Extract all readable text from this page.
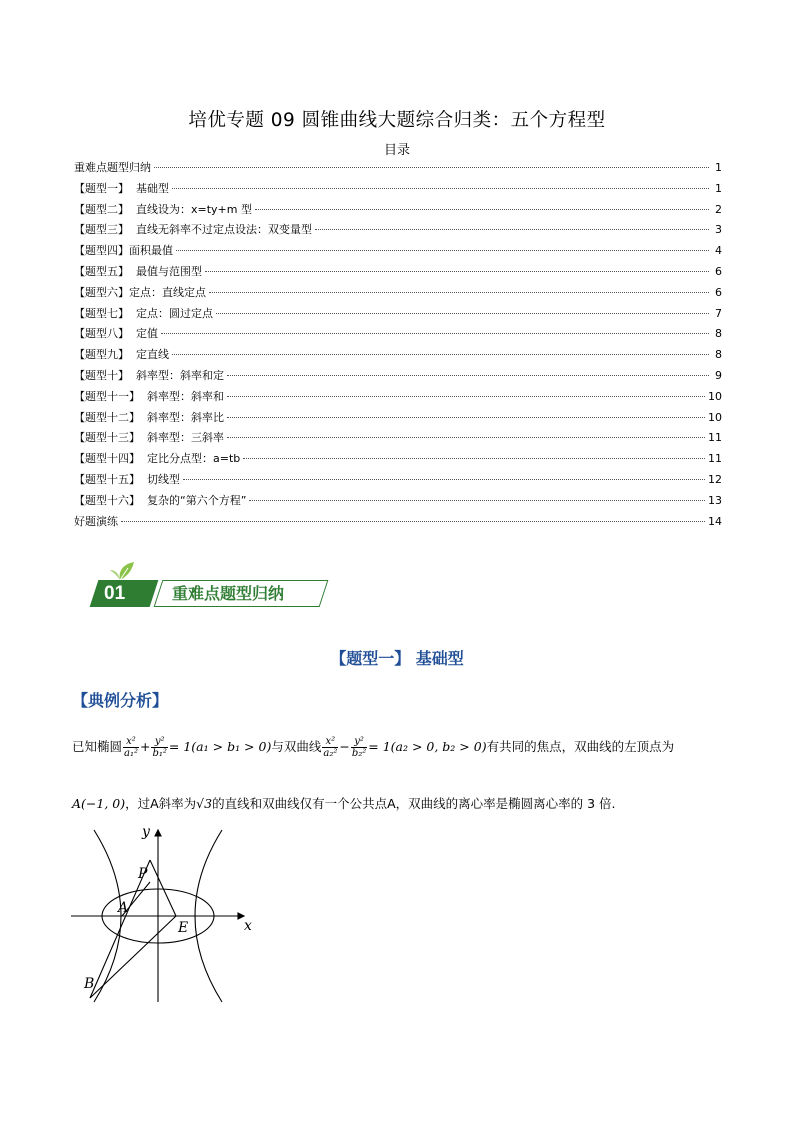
培优专题 09 圆锥曲线大题综合归类：五个方程型
目录
重难点题型归纳	1
【题型一】  基础型	1
【题型二】  直线设为：x=ty+m 型	2
【题型三】  直线无斜率不过定点设法：双变量型	3
【题型四】面积最值	4
【题型五】  最值与范围型	6
【题型六】定点：直线定点	6
【题型七】  定点：圆过定点	7
【题型八】  定值	8
【题型九】  定直线	8
【题型十】  斜率型：斜率和定	9
【题型十一】  斜率型：斜率和	10
【题型十二】  斜率型：斜率比	10
【题型十三】  斜率型：三斜率	11
【题型十四】  定比分点型：a=tb	11
【题型十五】  切线型	12
【题型十六】  复杂的“第六个方程”	13
好题演练	14
01	重难点题型归纳
【题型一】 基础型
【典例分析】
已知椭圆 $\frac{\text{x²}}{\text{a₁²}} + \frac{\text{y²}}{\text{b₁²}} = 1(a_1 > b_1 > 0)$与双曲线 $\frac{\text{x²}}{\text{a₂²}} - \frac{\text{y²}}{\text{b₂²}} = 1(a_2 > 0$, b₂ > 0)有共同的焦点，双曲线的左顶点为
A(−1, 0)，过A斜率为√3的直线和双曲线仅有一个公共点A，双曲线的离心率是椭圆离心率的 3 倍.
y
x
P
A
E
B
